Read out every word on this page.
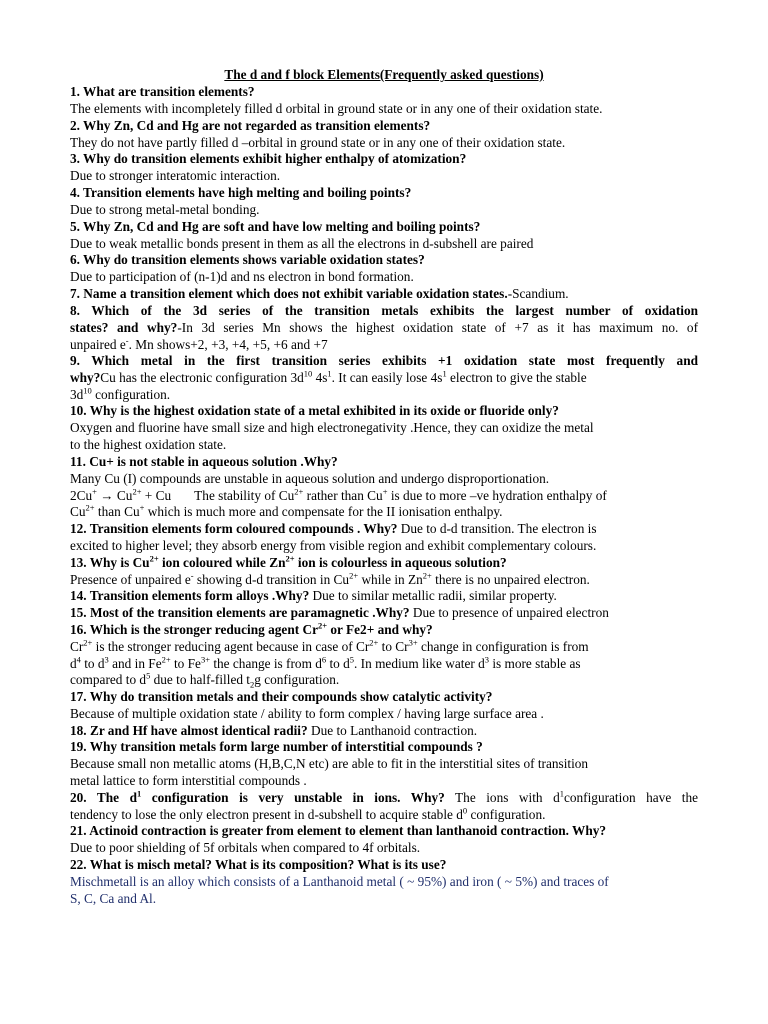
The d and f block Elements(Frequently asked questions)
1. What are transition elements?
The elements with incompletely filled d orbital in ground state or in any one of their oxidation state.
2. Why Zn, Cd and Hg are not regarded as transition elements?
They do not have partly filled d –orbital in ground state or in any one of their oxidation state.
3. Why do transition elements exhibit higher enthalpy of atomization?
Due to stronger interatomic interaction.
4. Transition elements have high melting and boiling points?
Due to strong metal-metal bonding.
5. Why Zn, Cd and Hg are soft and have low melting and boiling points?
Due to weak metallic bonds present in them as all the electrons in d-subshell are paired
6. Why do transition elements shows variable oxidation states?
Due to participation of (n-1)d and ns electron in bond formation.
7. Name a transition element which does not exhibit variable oxidation states.-Scandium.
8. Which of the 3d series of the transition metals exhibits the largest number of oxidation
states? and why?-In 3d series Mn shows the highest oxidation state of +7 as it has maximum no. of
unpaired e-. Mn shows+2, +3, +4, +5, +6 and +7
9. Which metal in the first transition series exhibits +1 oxidation state most frequently and
why?Cu has the electronic configuration $3d^{10}$ $4s^1$. It can easily lose $4s^1$ electron to give the stable
$3d^{10}$ configuration.
10. Why is the highest oxidation state of a metal exhibited in its oxide or fluoride only?
Oxygen and fluorine have small size and high electronegativity .Hence, they can oxidize the metal
to the highest oxidation state.
11. Cu+ is not stable in aqueous solution .Why?
Many Cu (I) compounds are unstable in aqueous solution and undergo disproportionation.
$2Cu^+ \to Cu^{2+} + Cu$       The stability of $Cu^{2+}$ rather than Cu+ is due to more –ve hydration enthalpy of
$Cu^{2+}$ than Cu+ which is much more and compensate for the II ionisation enthalpy.
12. Transition elements form coloured compounds . Why? Due to d-d transition. The electron is
excited to higher level; they absorb energy from visible region and exhibit complementary colours.
13. Why is $Cu^{2+}$ ion coloured while $Zn^{2+}$ ion is colourless in aqueous solution?
Presence of unpaired e- showing d-d transition in $Cu^{2+}$ while in $Zn^{2+}$ there is no unpaired electron.
14. Transition elements form alloys .Why? Due to similar metallic radii, similar property.
15. Most of the transition elements are paramagnetic .Why? Due to presence of unpaired electron
16. Which is the stronger reducing agent $Cr^{2+}$ or Fe2+ and why?
$Cr^{2+}$ is the stronger reducing agent because in case of $Cr^{2+}$ to $Cr^{3+}$ change in configuration is from
$d^4$ to $d^3$ and in $Fe^{2+}$ to $Fe^{3+}$ the change is from $d^6$ to $d^5$. In medium like water $d^3$ is more stable as
compared to $d^5$ due to half-filled $t_2g$ configuration.
17. Why do transition metals and their compounds show catalytic activity?
Because of multiple oxidation state / ability to form complex / having large surface area .
18. Zr and Hf have almost identical radii? Due to Lanthanoid contraction.
19. Why transition metals form large number of interstitial compounds ?
Because small non metallic atoms (H,B,C,N etc) are able to fit in the interstitial sites of transition
metal lattice to form interstitial compounds .
20. The $d^1$ configuration is very unstable in ions. Why? The ions with $d^1configuration$ have the
tendency to lose the only electron present in d-subshell to acquire stable $d^0$ configuration.
21. Actinoid contraction is greater from element to element than lanthanoid contraction. Why?
Due to poor shielding of 5f orbitals when compared to 4f orbitals.
22. What is misch metal? What is its composition? What is its use?
Mischmetall is an alloy which consists of a Lanthanoid metal ( ~ 95%) and iron ( ~ 5%) and traces of
S, C, Ca and Al.
